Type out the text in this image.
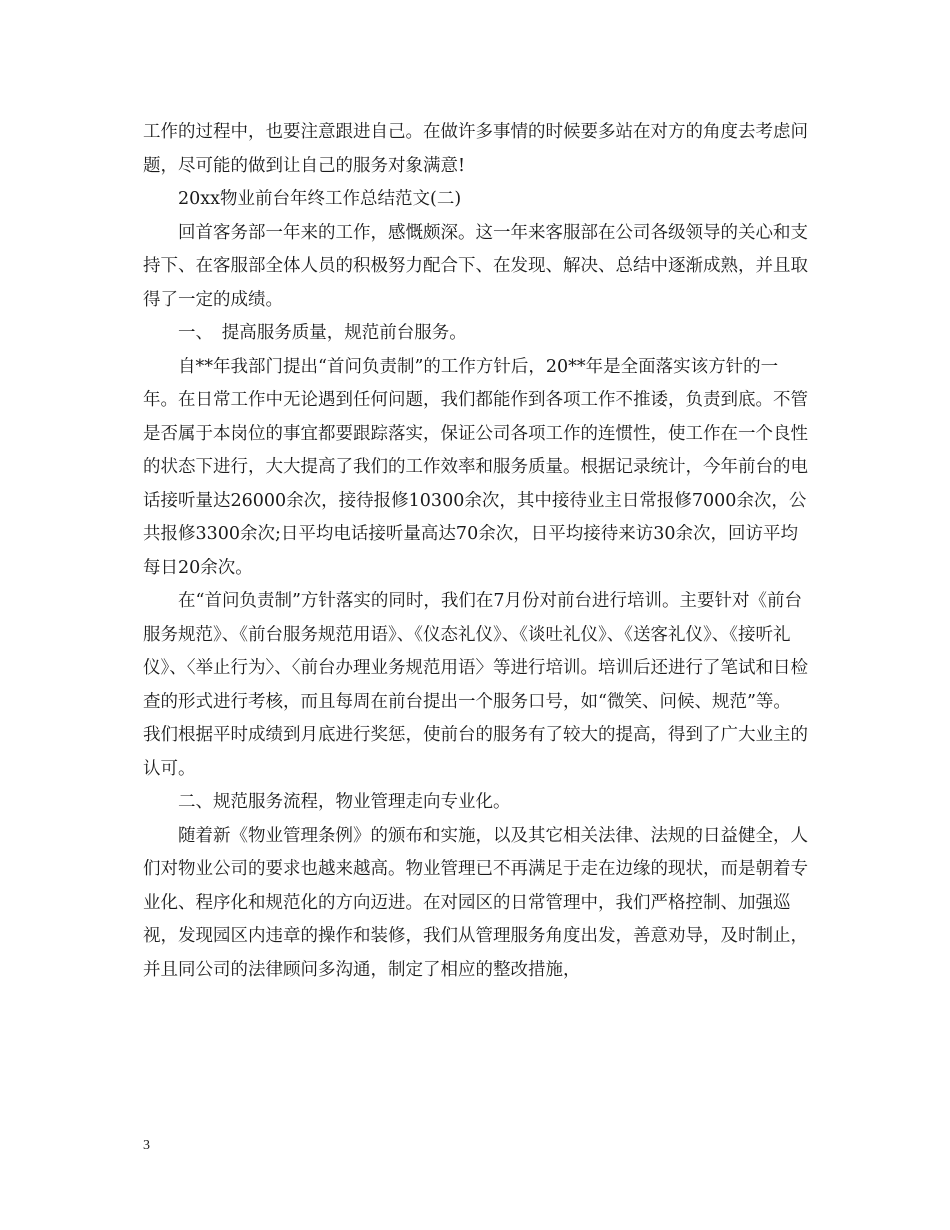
工作的过程中，也要注意跟进自己。在做许多事情的时候要多站在对方的角度去考虑问题，尽可能的做到让自己的服务对象满意!

20xx物业前台年终工作总结范文(二)

回首客务部一年来的工作，感慨颇深。这一年来客服部在公司各级领导的关心和支持下、在客服部全体人员的积极努力配合下、在发现、解决、总结中逐渐成熟，并且取得了一定的成绩。

一、　提高服务质量，规范前台服务。

自**年我部门提出“首问负责制”的工作方针后，20**年是全面落实该方针的一年。在日常工作中无论遇到任何问题，我们都能作到各项工作不推诿，负责到底。不管是否属于本岗位的事宜都要跟踪落实，保证公司各项工作的连惯性，使工作在一个良性的状态下进行，大大提高了我们的工作效率和服务质量。根据记录统计，今年前台的电话接听量达26000余次，接待报修10300余次，其中接待业主日常报修7000余次，公共报修3300余次;日平均电话接听量高达70余次，日平均接待来访30余次，回访平均每日20余次。

在“首问负责制”方针落实的同时，我们在7月份对前台进行培训。主要针对《前台服务规范》、《前台服务规范用语》、《仪态礼仪》、《谈吐礼仪》、《送客礼仪》、《接听礼仪》、〈举止行为〉、〈前台办理业务规范用语〉等进行培训。培训后还进行了笔试和日检查的形式进行考核，而且每周在前台提出一个服务口号，如“微笑、问候、规范”等。我们根据平时成绩到月底进行奖惩，使前台的服务有了较大的提高，得到了广大业主的认可。

二、规范服务流程，物业管理走向专业化。

随着新《物业管理条例》的颁布和实施，以及其它相关法律、法规的日益健全，人们对物业公司的要求也越来越高。物业管理已不再满足于走在边缘的现状，而是朝着专业化、程序化和规范化的方向迈进。在对园区的日常管理中，我们严格控制、加强巡视，发现园区内违章的操作和装修，我们从管理服务角度出发，善意劝导，及时制止，并且同公司的法律顾问多沟通，制定了相应的整改措施，

3
